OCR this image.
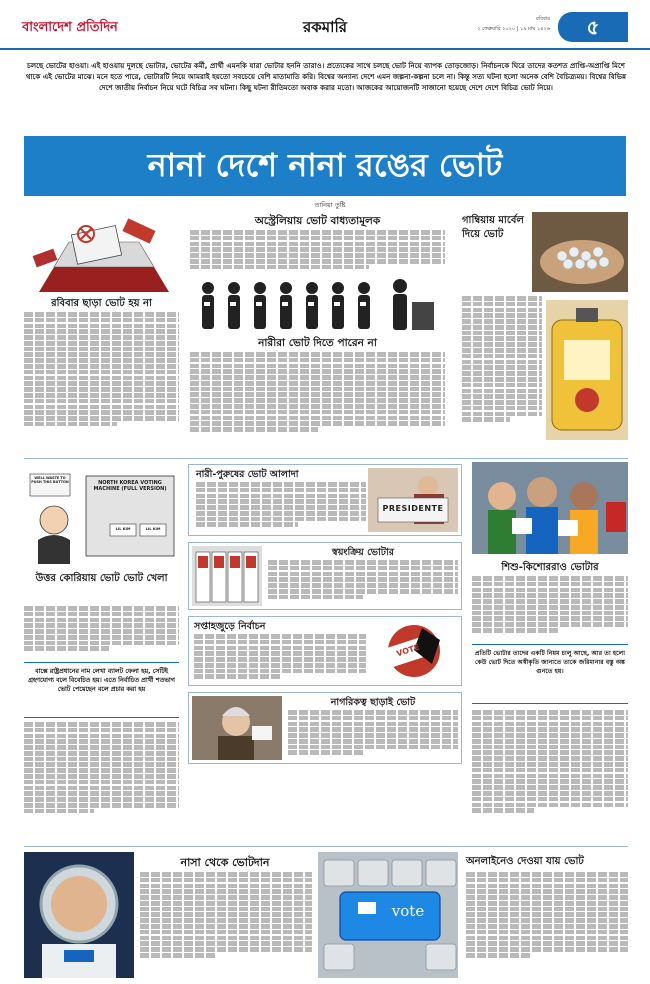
বাংলাদেশ প্রতিদিন	রকমারি	রবিবার
২ ফেব্রুয়ারি ২০২০ | ১৯ মাঘ ১৪২৬	৫
চলছে ভোটের হাওয়া। এই হাওয়ায় দুলছে ভোটার, ভোটের কর্মী, প্রার্থী এমনকি যারা ভোটার হননি তারাও। প্রত্যেকের সাথে চলছে ভোট নিয়ে ব্যাপক তোড়জোড়। নির্বাচনকে ঘিরে তাদের কতশত প্রাপ্তি-অপ্রাপ্তি মিশে থাকে এই ভোটের মাঝে। মনে হতে পারে, ভোটারটি নিয়ে আমরাই হয়তো সবচেয়ে বেশি মাতামাতি করি। বিশ্বের অন্যান্য দেশে এমন জল্পনা-কল্পনা চলে না। কিন্তু সত্য ঘটনা হলো অনেক বেশি বৈচিত্র্যময়। বিশ্বের বিভিন্ন দেশে জাতীয় নির্বাচন নিয়ে ঘটে বিচিত্র সব ঘটনা। কিছু ঘটনা রীতিমতো অবাক করার মতো। আজকের আয়োজনটি সাজানো হয়েছে দেশে দেশে বিচিত্র ভোট নিয়ে।
নানা দেশে নানা রঙের ভোট
তানিয়া তুষ্টি
রবিবার ছাড়া ভোট হয় না
অস্ট্রেলিয়ায় ভোট বাধ্যতামূলক
নারীরা ভোট দিতে পারেন না
গাম্বিয়ায় মার্বেল দিয়ে ভোট
WELL WASTE TO PUSH THIS BUTTON	NORTH KOREA VOTING MACHINE (FULL VERSION)
LIL KIM	LIL KIM
উত্তর কোরিয়ায় ভোট ভোট খেলা
বাক্সে রাষ্ট্রপ্রধানের নাম লেখা ব্যালট ফেলা হয়, সেটিই গ্রহণযোগ্য বলে বিবেচিত হয়। এতে নির্বাচিত প্রার্থী শতভাগ ভোট পেয়েছেন বলে প্রচার করা হয়
নারী-পুরুষের ভোট আলাদা
PRESIDENTE
স্বয়ংক্রিয় ভোটার
সপ্তাহজুড়ে নির্বাচন
VOTE
নাগরিকত্ব ছাড়াই ভোট
শিশু-কিশোররাও ভোটার
প্রতিটি ভোটার তাদের একটি নিয়ম চালু আছে, আর তা হলো কেউ ভোট দিতে অস্বীকৃতি জানাতে তাকে জরিমানার বস্তু অঙ্ক গুনতে হয়।
নাসা থেকে ভোটদান
vote
অনলাইনেও দেওয়া যায় ভোট
